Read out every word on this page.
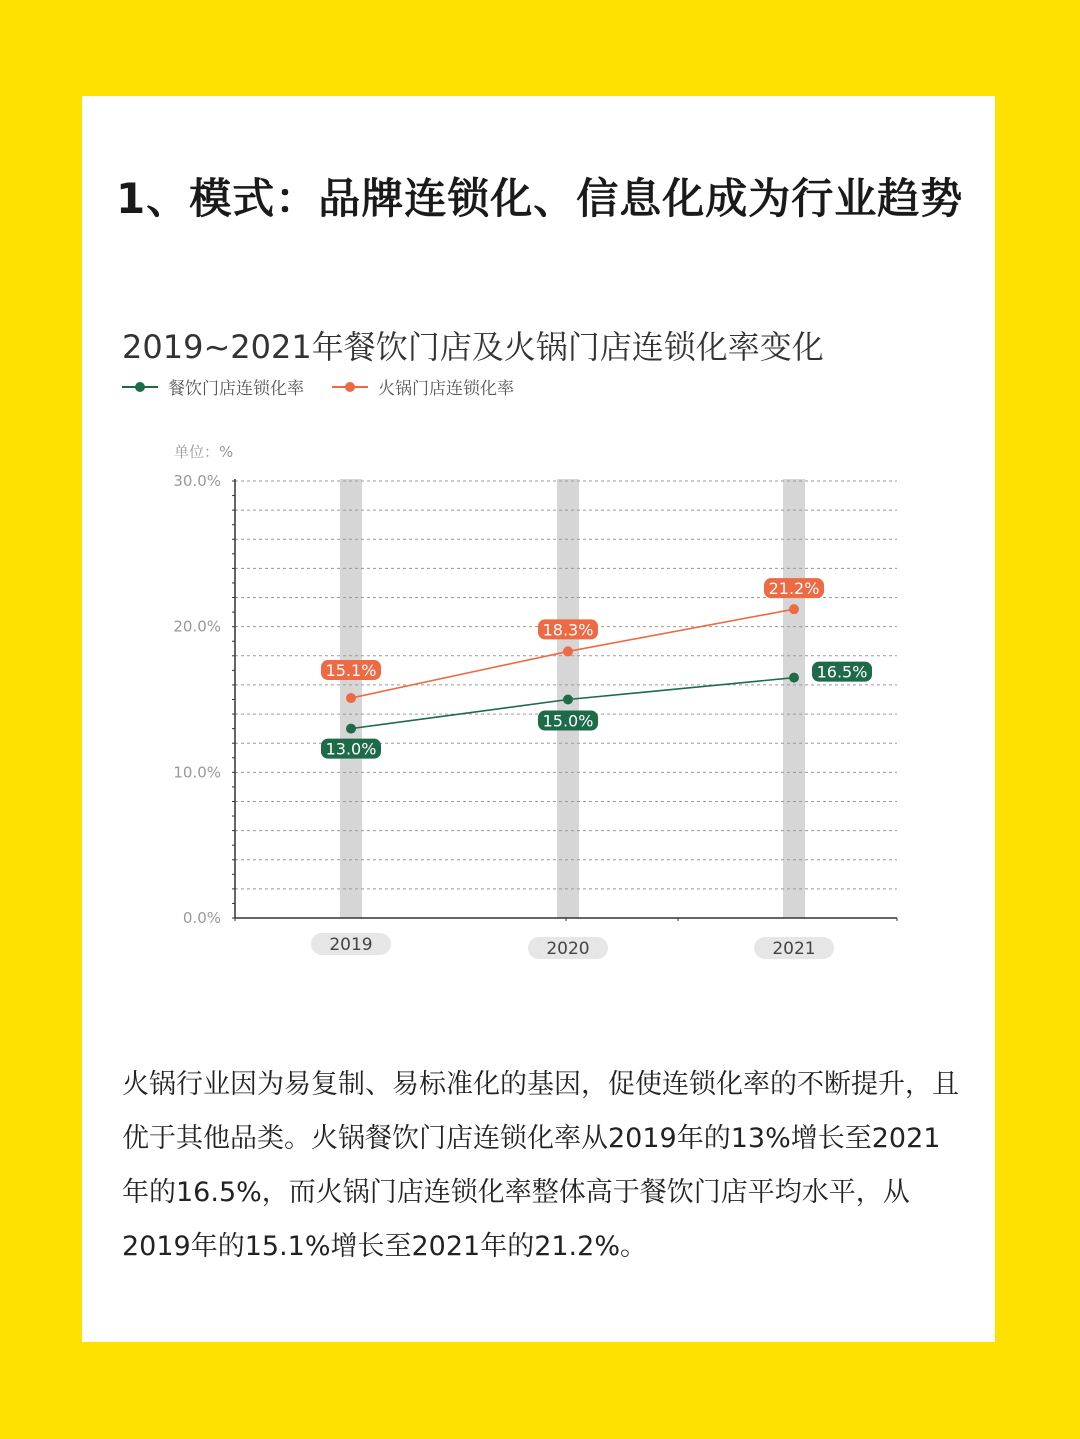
1、模式：品牌连锁化、信息化成为行业趋势
2019~2021年餐饮门店及火锅门店连锁化率变化
餐饮门店连锁化率	火锅门店连锁化率
单位：%
0.0%
10.0%
20.0%
30.0%
2019	2020	2021
13.0%
15.0%
16.5%
15.1%
18.3%
21.2%
火锅行业因为易复制、易标准化的基因，促使连锁化率的不断提升，且优于其他品类。火锅餐饮门店连锁化率从2019年的13%增长至2021年的16.5%，而火锅门店连锁化率整体高于餐饮门店平均水平，从2019年的15.1%增长至2021年的21.2%。
